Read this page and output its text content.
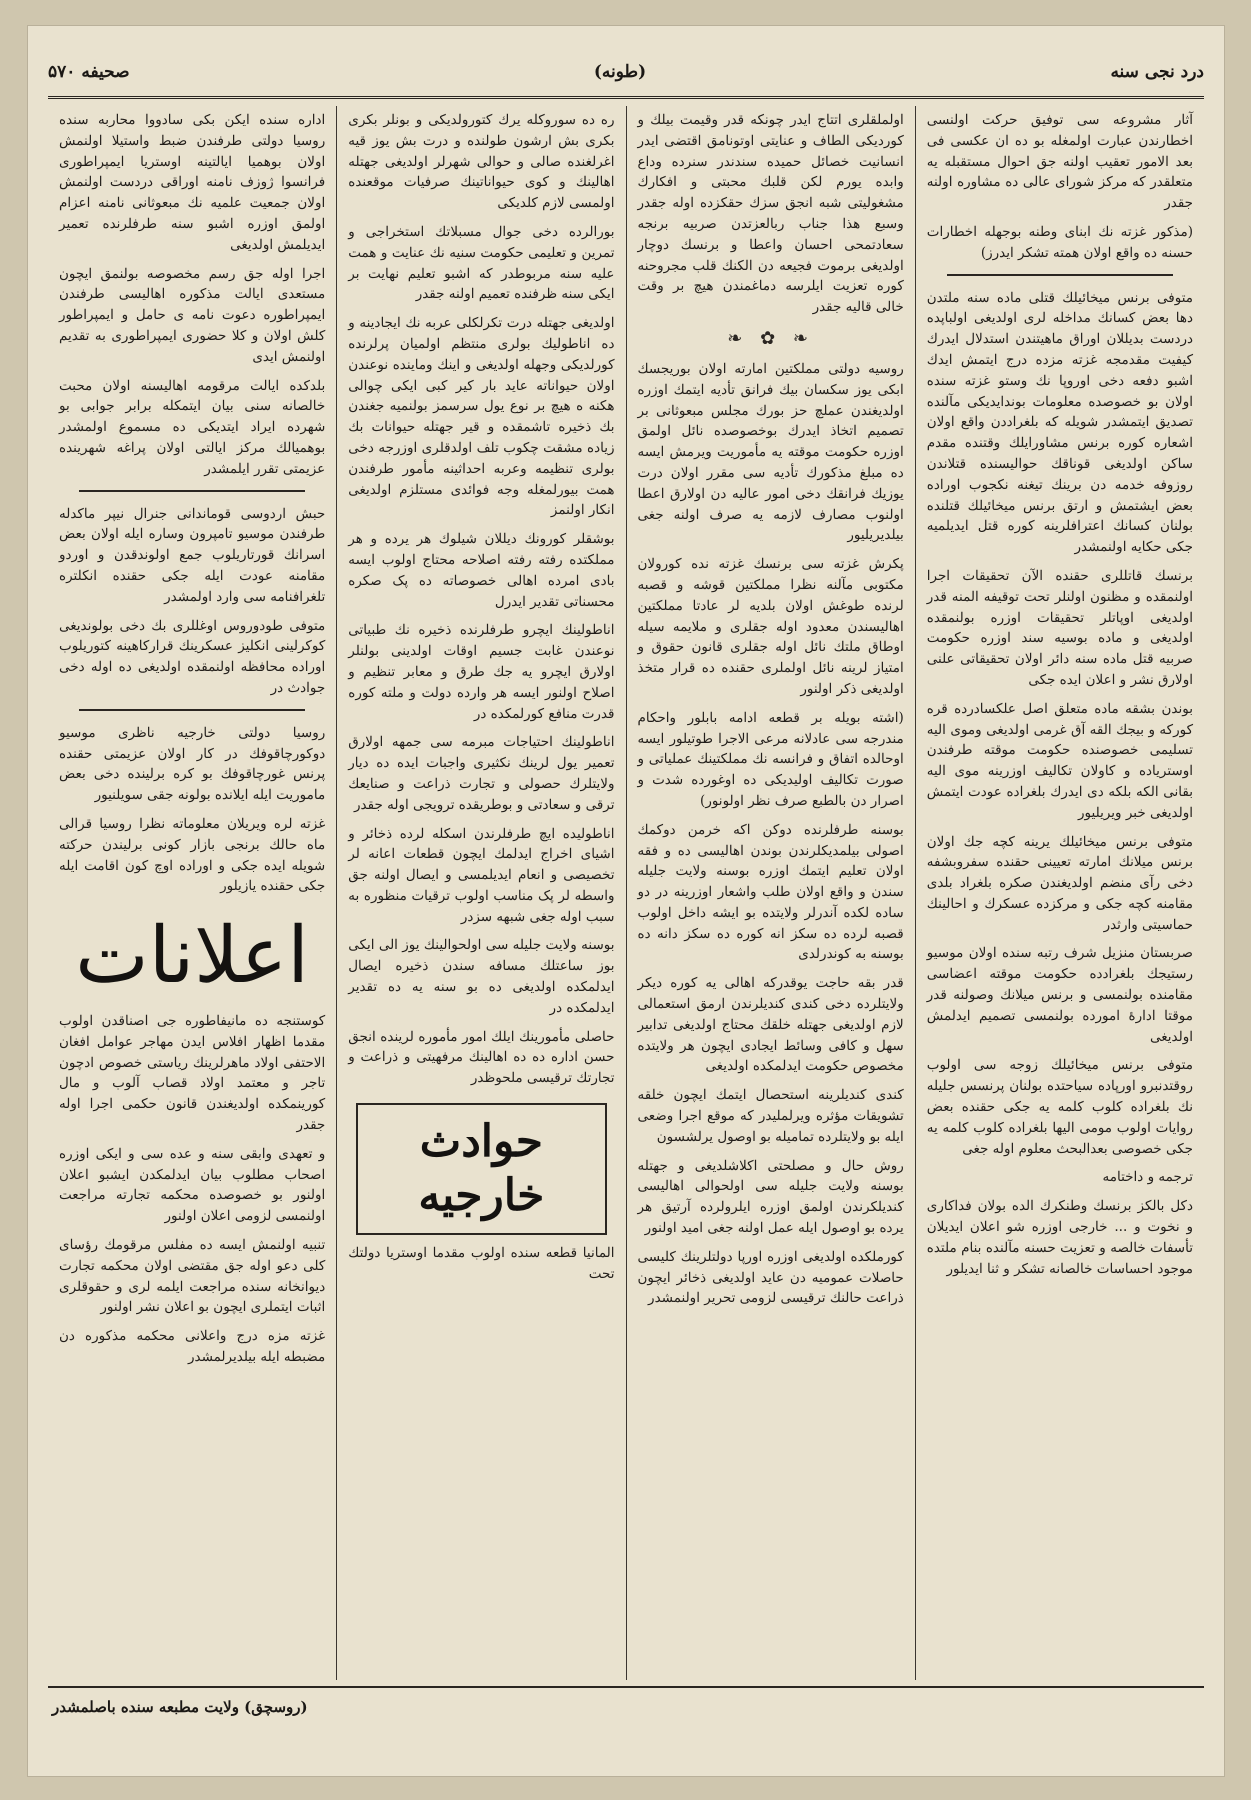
درد نجی سنه
(طونه)
صحیفه ۵۷۰

آثار مشروعه سی توفیق حرکت اولنسی اخطارندن عبارت اولمغله بو ده ان عکسی فی بعد الامور تعقیب اولنه جق احوال مستقبله یه متعلقدر که مرکز شورای عالی ده مشاوره اولنه جقدر

(مذکور غزته نك ابنای وطنه بوجهله اخطارات حسنه ده واقع اولان همته تشکر ایدرز)

متوفی برنس میخائیلك قتلی ماده سنه ملتدن دها بعض کسانك مداخله لری اولدیغی اولباپده دردست بدیللان اوراق ماهیتندن استدلال ایدرك کیفیت مقدمجه غزته مزده درج ایتمش ایدك اشبو دفعه دخی اوروپا نك وستو غزته سنده اولان بو خصوصده معلومات بوندایدیکی مآلنده تصدیق ایتمشدر شویله که بلغراددن واقع اولان اشعاره کوره برنس مشاورایلك وقتنده مقدم ساکن اولدیغی قوناقك حوالیسنده قتلاندن روزوفه خدمه دن برینك تیغنه نکجوب اوراده بعض ایشتمش و ارتق برنس میخائیلك قتلنده بولنان کسانك اعترافلرینه کوره قتل ایدیلمیه جکی حکایه اولنمشدر

برنسك قاتللری حقنده الآن تحقیقات اجرا اولنمقده و مظنون اولنلر تحت توقیفه المنه قدر اولدیغی اوپاتلر تحقیقات اوزره بولنمقده اولدیغی و ماده بوسیه سند اوزره حکومت صربیه قتل ماده سنه دائر اولان تحقیقاتی علنی اولارق نشر و اعلان ایده جکی

بوندن بشقه ماده متعلق اصل علکسادرده قره کورکه و بیجك القه آق غرمی اولدیغی وموی الیه تسلیمی خصوصنده حکومت موقته طرفندن اوستریاده و کاولان تکالیف اوزرینه موی الیه بقانی الکه بلکه دی ایدرك بلغراده عودت ایتمش اولدیغی خبر ویریلیور

متوفی برنس میخائیلك یرینه کچه جك اولان برنس میلانك امارته تعیینی حقنده سفروبشفه دخی رآی منضم اولدیغندن صکره بلغراد بلدی مقامنه کچه جکی و مرکزده عسکرك و احالینك حماسیتی وارثدر

صربستان منزیل شرف رتبه سنده اولان موسیو رستیجك بلغرادده حکومت موقته اعضاسی مقامنده بولنمسی و برنس میلانك وصولنه قدر موقتا ادارهٔ امورده بولنمسی تصمیم ایدلمش اولدیغی

متوفی برنس میخائیلك زوجه سی اولوب روقتدنبرو اورپاده سیاحتده بولنان پرنسس جلیله نك بلغراده کلوب کلمه یه جکی حقنده بعض روایات اولوب مومی الیها بلغراده کلوب کلمه یه جکی خصوصی بعدالبحث معلوم اوله جغی

ترجمه و داختامه

دکل بالکز برنسك وطنكرك الده بولان فداکاری و نخوت و ... خارجی اوزره شو اعلان ایدیلان تأسفات خالصه و تعزیت حسنه مآلنده بنام ملتده موجود احساسات خالصانه تشکر و ثنا ایدیلور

اولملقلری اتتاج ایدر چونکه قدر وقیمت بیلك و کوردیکی الطاف و عنایتی اوتونامق اقتضی ایدر انسانیت خصائل حمیده سندندر سنرده وداع وابده یورم لکن قلبك محبتی و افکارك مشغولیتی شبه انجق سزك حقکزده اوله جقدر وسبع هذا جناب ربالعزتدن صربیه برنجه سعادتمحی احسان واعطا و برنسك دوچار اولدیغی برموت فجیعه دن الکنك قلب مجروحنه کوره تعزیت ایلرسه دماغمندن هیچ بر وقت خالی قالیه جقدر

❧ ✿ ❧

روسیه دولتی مملکتین امارته اولان بوریجسك ابکی یوز سکسان بیك فرانق تأدیه ایتمك اوزره اولدیغندن عملچ حز بورك مجلس مبعوثانی بر تصمیم اتخاذ ایدرك بوخصوصده نائل اولمق اوزره حکومت موقته یه مأموریت ویرمش ایسه ده مبلغ مذکورك تأدیه سی مقرر اولان درت یوزیك فرانقك دخی امور عالیه دن اولارق اعطا اولنوب مصارف لازمه یه صرف اولنه جغی بیلدیریلیور

پکرش غزته سی برنسك غزته نده کورولان مکتوبی مآلنه نظرا مملکتین قوشه و قصبه لرنده طوغش اولان بلدیه لر عادتا مملکتین اهالیسندن معدود اوله جقلری و ملایمه سیله اوطاق ملتك نائل اوله جقلری قانون حقوق و امتیاز لرینه نائل اولملری حقنده ده قرار متخذ اولدیغی ذکر اولنور

(اشته بویله بر قطعه ادامه بابلور واحکام مندرجه سی عادلانه مرعی الاجرا طوتیلور ایسه اوحالده اتفاق و فرانسه نك مملکتینك عملیاتی و صورت تکالیف اولیدیکی ده اوغورده شدت و اصرار دن بالطبع صرف نظر اولونور)

بوسنه طرفلرنده دوکن اكه خرمن دوکمك اصولی بیلمدیکلرندن بوندن اهالیسی ده و فقه اولان تعلیم ایتمك اوزره بوسنه ولایت جلیله سندن و واقع اولان طلب واشعار اوزرینه در دو ساده لکده آندرلر ولایتده بو ایشه داخل اولوب قصبه لرده ده سکز انه کوره ده سکز دانه ده بوسنه به کوندرلدی

قدر بقه حاجت یوقدرکه اهالی یه کوره دیکر ولایتلرده دخی کندی کندیلرندن ارمق استعمالی لازم اولدیغی جهتله خلقك محتاج اولدیغی تدابیر سهل و کافی وسائط ایجادی ایچون هر ولایتده مخصوص حکومت ایدلمکده اولدیغی

کندی کندیلرینه استحصال ایتمك ایچون خلقه تشویقات مؤثره ویرلملیدر که موقع اجرا وضعی ایله بو ولایتلرده تمامیله بو اوصول یرلشسون

روش حال و مصلحتی اکلاشلدیغی و جهتله بوسنه ولایت جلیله سی اولحوالی اهالیسی کندیلکرندن اولمق اوزره ایلرولرده آرتیق هر یرده بو اوصول ایله عمل اولنه جغی امید اولنور

کورملکده اولدیغی اوزره اورپا دولتلرینك کلیسی حاصلات عمومیه دن عاید اولدیغی ذخائر ایچون ذراعت حالنك ترقیسی لزومی تحریر اولنمشدر

ره ده سوروکله یرك کتورولدیکی و بونلر بکری بکری بش ارشون طولنده و درت بش یوز قیه اغرلغنده صالی و حوالی شهرلر اولدیغی جهتله اهالینك و کوی حیواناتینك صرفیات موقعنده اولمسی لازم کلدیکی

بورالرده دخی جوال مسبلاتك استخراجی و تمرین و تعلیمی حکومت سنیه نك عنایت و همت علیه سنه مربوطدر که اشبو تعلیم نهایت بر ایکی سنه ظرفنده تعمیم اولنه جقدر

اولدیغی جهتله درت تکرلکلی عربه نك ایجادینه و ده اناطولیك بولری منتظم اولمیان پرلرنده کورلدیکی وجهله اولدیغی و اینك وماینده نوعندن اولان حیواناته عاید بار کیر کبی ایکی چوالی هکنه ه هیچ بر نوع یول سرسمز بولنمیه جغندن بك ذخیره تاشمقده و قیر جهتله حیوانات بك زیاده مشقت چکوب تلف اولدقلری اوزرجه دخی بولری تنظیمه وعربه احداثینه مأمور طرفندن همت بیورلمغله وجه فوائدی مستلزم اولدیغی انکار اولنمز

بوشقلر کورونك دیللان شیلوك هر یرده و هر مملکتده رفته رفته اصلاحه محتاج اولوب ایسه بادی امرده اهالی خصوصاته ده پک صکره محسناتی تقدیر ایدرل

اناطولینك ایچرو طرفلرنده ذخیره نك طبیاتی نوعندن غابت جسیم اوقات اولدینی بولنلر اولارق ایچرو یه جك طرق و معابر تنظیم و اصلاح اولنور ایسه هر وارده دولت و ملته کوره قدرت منافع کورلمکده در

اناطولینك احتیاجات مبرمه سی جمهه اولارق تعمیر یول لرینك نکثیری واجبات ایده ده دیار ولایتلرك حصولی و تجارت ذراعت و صنایعك ترقی و سعادتی و بوطریقده ترویجی اوله جقدر

اناطولیده ایچ طرفلرندن اسکله لرده ذخائر و اشیای اخراج ایدلمك ایچون قطعات اعانه لر تخصیصی و انعام ایدیلمسی و ایصال اولنه جق واسطه لر پک مناسب اولوب ترقیات منظوره به سبب اوله جغی شبهه سزدر

بوسنه ولایت جلیله سی اولحوالینك یوز الی ایکی بوز ساعتلك مسافه سندن ذخیره ایصال ایدلمکده اولدیغی ده بو سنه یه ده تقدیر ایدلمکده در

حاصلی مأمورینك ایلك امور مأموره لرینده انجق حسن اداره ده ده اهالینك مرفهیتی و ذراعت و تجارتك ترقیسی ملحوظدر

حوادث خارجیه

المانیا قطعه سنده اولوب مقدما اوستریا دولتك تحت

اداره سنده ایکن بکی سادووا محاربه سنده روسیا دولتی طرفندن ضبط واستیلا اولنمش اولان بوهمیا ایالتینه اوستریا ایمپراطوری فرانسوا ژوزف نامنه اوراقی دردست اولنمش اولان جمعیت علمیه نك مبعوثانی نامنه اعزام اولمق اوزره اشبو سنه طرفلرنده تعمیر ایدیلمش اولدیغی

اجرا اوله جق رسم مخصوصه بولنمق ایچون مستعدی ایالت مذکوره اهالیسی طرفندن ایمپراطوره دعوت نامه ی حامل و ایمپراطور کلش اولان و کلا حضوری ایمپراطوری به تقدیم اولنمش ایدی

بلدکده ایالت مرقومه اهالیسنه اولان محبت خالصانه سنی بیان ایتمکله برابر جوابی بو شهرده ایراد ایتدیکی ده مسموع اولمشدر بوهمیالك مرکز ایالتی اولان پراغه شهرینده عزیمتی تقرر ایلمشدر

حبش اردوسی قوماندانی جنرال نیپر ماکدله طرفندن موسیو تامپرون وساره ایله اولان بعض اسرانك قورتاریلوب جمع اولوندقدن و اوردو مقامنه عودت ایله جکی حقنده انکلتره تلغرافنامه سی وارد اولمشدر

متوفی طودوروس اوغللری بك دخی بولوندیغی کوکرلینی انکلیز عسکرینك قرارکاهینه کتوریلوب اوراده محافظه اولنمقده اولدیغی ده اوله دخی جوادث در

روسیا دولتی خارجیه ناظری موسیو دوکورچاقوفك در کار اولان عزیمتی حقنده پرنس غورچاقوفك بو کره برلینده دخی بعض ماموریت ایله ایلانده بولونه جقی سویلنیور

غزته لره ویریلان معلوماته نظرا روسیا قرالی ماه حالك برنجی بازار کونی برلیندن حرکته شویله ایده جکی و اوراده اوچ کون اقامت ایله جکی حقنده یازیلور

اعلانات

کوستنجه ده مانیفاطوره جی اصناقدن اولوب مقدما اظهار افلاس ایدن مهاجر عوامل افغان الاحتفی اولاد ماهرلرینك ریاستی خصوص ادچون تاجر و معتمد اولاد قصاب آلوب و مال کورینمكده اولدیغندن قانون حکمی اجرا اوله جقدر

و تعهدی وابقی سنه و عده سی و ایکی اوزره اصحاب مطلوب بیان ایدلمکدن ایشبو اعلان اولنور بو خصوصده محکمه تجارته مراجعت اولنمسی لزومی اعلان اولنور

تنبیه اولنمش ایسه ده مفلس مرقومك رؤسای کلی دعو اوله جق مقتضی اولان محکمه تجارت دیوانخانه سنده مراجعت ایلمه لری و حقوقلری اثبات ایتملری ایچون بو اعلان نشر اولنور

غزته مزه درج واعلانی محکمه مذکوره دن مضبطه ایله بیلدیرلمشدر

(روسچق) ولایت مطبعه سنده باصلمشدر
